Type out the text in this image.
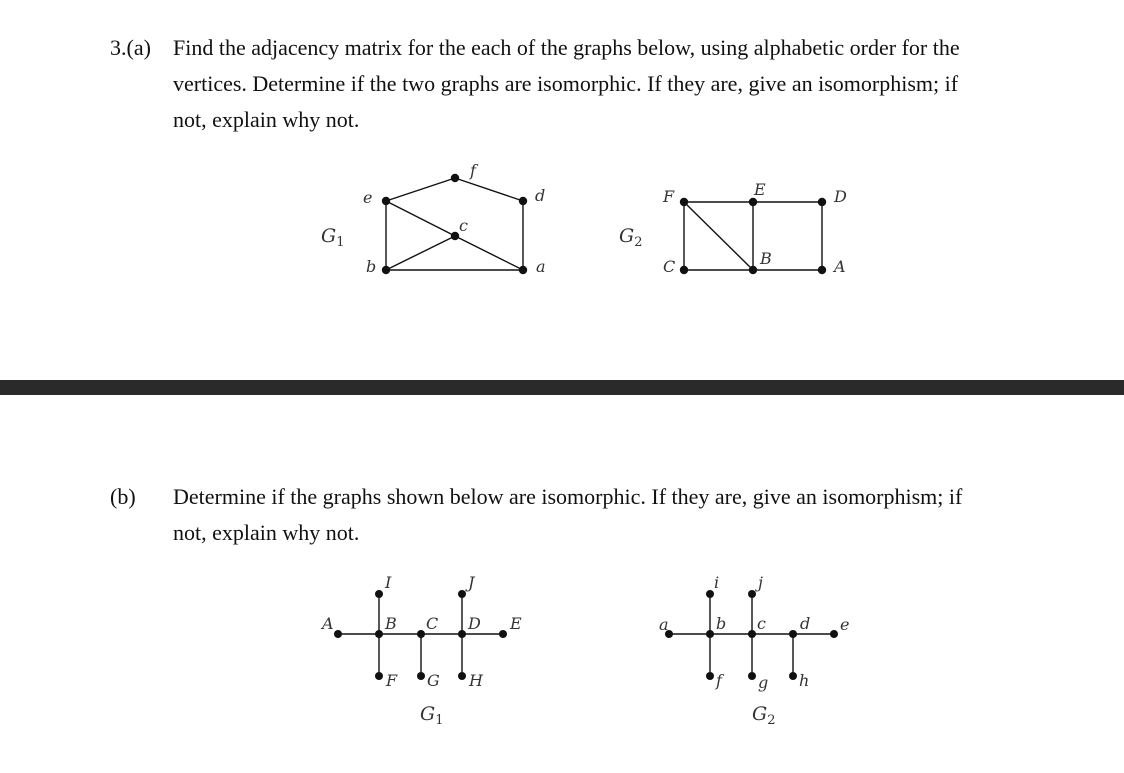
3.(a) Find the adjacency matrix for the each of the graphs below, using alphabetic order for the
vertices. Determine if the two graphs are isomorphic. If they are, give an isomorphism; if
not, explain why not.
(b) Determine if the graphs shown below are isomorphic. If they are, give an isomorphism; if
not, explain why not.
$G_1$
e
f
d
c
b	a
$G_2$
F	E	D
C	B	A
A	B C D E
I	J
F G H
$G_1$
a	b c d e
i j
f g h
$G_2$
